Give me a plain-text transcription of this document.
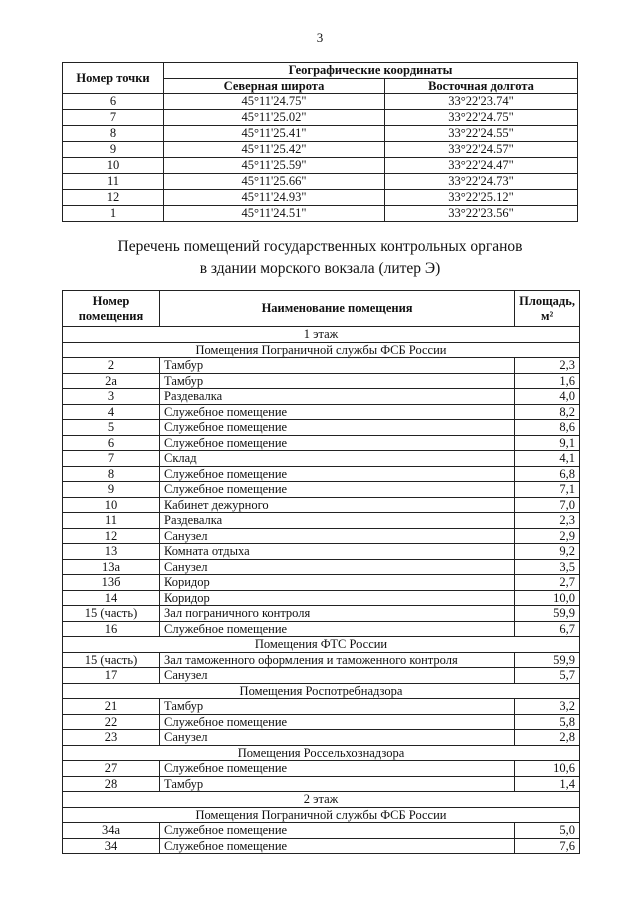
3
Номер точки	Географические координаты	
	Северная широта	Восточная долгота
6	45°11'24.75"	33°22'23.74"
7	45°11'25.02"	33°22'24.75"
8	45°11'25.41"	33°22'24.55"
9	45°11'25.42"	33°22'24.57"
10	45°11'25.59"	33°22'24.47"
11	45°11'25.66"	33°22'24.73"
12	45°11'24.93"	33°22'25.12"
1	45°11'24.51"	33°22'23.56"
Перечень помещений государственных контрольных органов
в здании морского вокзала (литер Э)
Номер помещения	Наименование помещения	Площадь, м²
1 этаж		
Помещения Пограничной службы ФСБ России		
2	Тамбур	2,3
2а	Тамбур	1,6
3	Раздевалка	4,0
4	Служебное помещение	8,2
5	Служебное помещение	8,6
6	Служебное помещение	9,1
7	Склад	4,1
8	Служебное помещение	6,8
9	Служебное помещение	7,1
10	Кабинет дежурного	7,0
11	Раздевалка	2,3
12	Санузел	2,9
13	Комната отдыха	9,2
13а	Санузел	3,5
13б	Коридор	2,7
14	Коридор	10,0
15 (часть)	Зал пограничного контроля	59,9
16	Служебное помещение	6,7
Помещения ФТС России		
15 (часть)	Зал таможенного оформления и таможенного контроля	59,9
17	Санузел	5,7
Помещения Роспотребнадзора		
21	Тамбур	3,2
22	Служебное помещение	5,8
23	Санузел	2,8
Помещения Россельхознадзора		
27	Служебное помещение	10,6
28	Тамбур	1,4
2 этаж		
Помещения Пограничной службы ФСБ России		
34а	Служебное помещение	5,0
34	Служебное помещение	7,6
